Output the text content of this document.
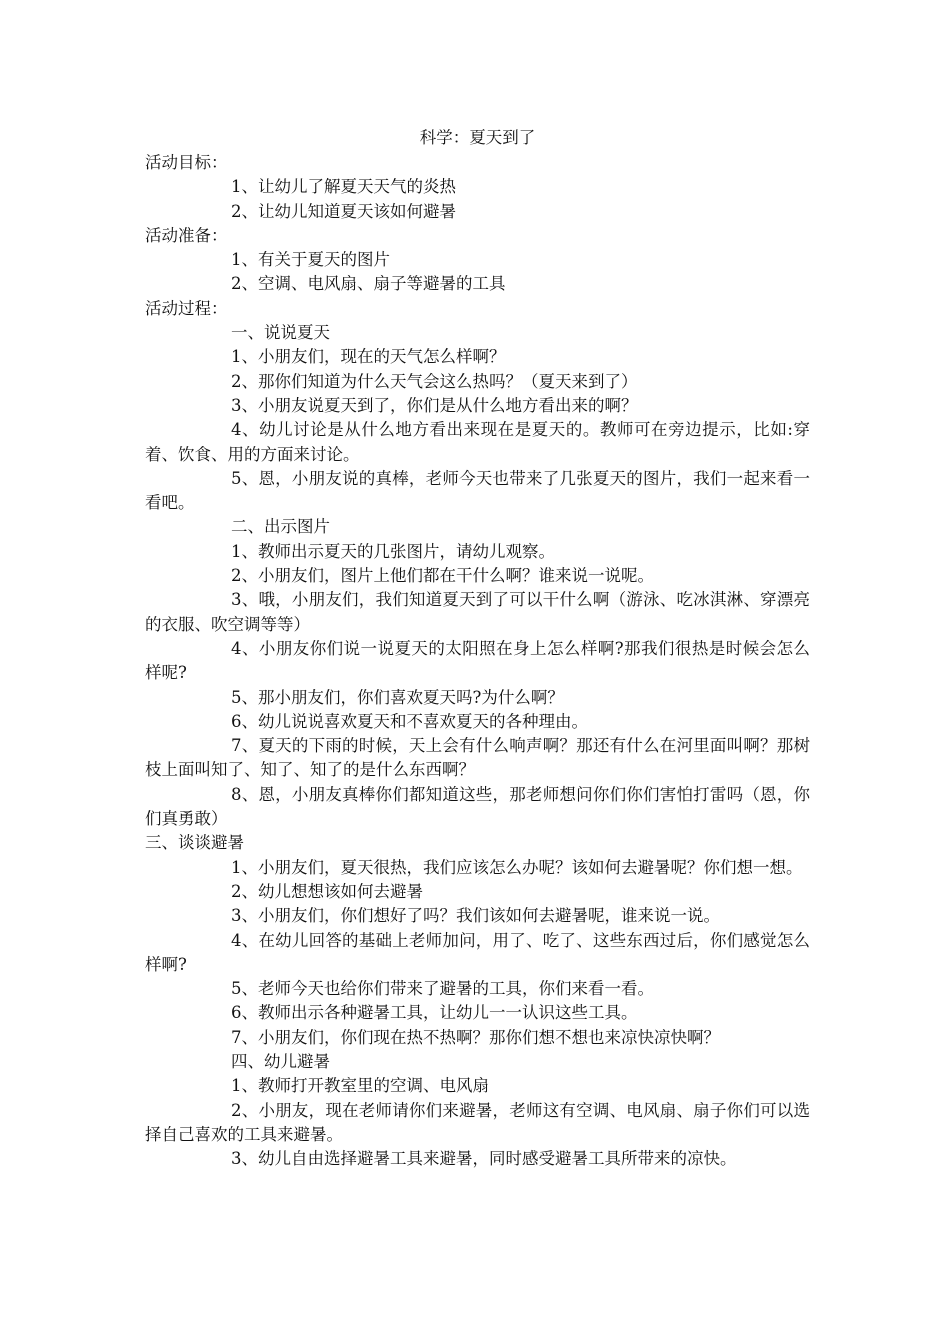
科学：夏天到了

活动目标：

1、让幼儿了解夏天天气的炎热

2、让幼儿知道夏天该如何避暑

活动准备：

1、有关于夏天的图片

2、空调、电风扇、扇子等避暑的工具

活动过程：

一、说说夏天

1、小朋友们，现在的天气怎么样啊？

2、那你们知道为什么天气会这么热吗？（夏天来到了）

3、小朋友说夏天到了，你们是从什么地方看出来的啊？

4、幼儿讨论是从什么地方看出来现在是夏天的。教师可在旁边提示，比如:穿着、饮食、用的方面来讨论。

5、恩，小朋友说的真棒，老师今天也带来了几张夏天的图片，我们一起来看一看吧。

二、出示图片

1、教师出示夏天的几张图片，请幼儿观察。

2、小朋友们，图片上他们都在干什么啊？谁来说一说呢。

3、哦，小朋友们，我们知道夏天到了可以干什么啊（游泳、吃冰淇淋、穿漂亮的衣服、吹空调等等）

4、小朋友你们说一说夏天的太阳照在身上怎么样啊?那我们很热是时候会怎么样呢?

5、那小朋友们，你们喜欢夏天吗?为什么啊？

6、幼儿说说喜欢夏天和不喜欢夏天的各种理由。

7、夏天的下雨的时候，天上会有什么响声啊？那还有什么在河里面叫啊？那树枝上面叫知了、知了、知了的是什么东西啊？

8、恩，小朋友真棒你们都知道这些，那老师想问你们你们害怕打雷吗（恩，你们真勇敢）

三、谈谈避暑

1、小朋友们，夏天很热，我们应该怎么办呢？该如何去避暑呢？你们想一想。

2、幼儿想想该如何去避暑

3、小朋友们，你们想好了吗？我们该如何去避暑呢，谁来说一说。

4、在幼儿回答的基础上老师加问，用了、吃了、这些东西过后，你们感觉怎么样啊?

5、老师今天也给你们带来了避暑的工具，你们来看一看。

6、教师出示各种避暑工具，让幼儿一一认识这些工具。

7、小朋友们，你们现在热不热啊？那你们想不想也来凉快凉快啊？

四、幼儿避暑

1、教师打开教室里的空调、电风扇

2、小朋友，现在老师请你们来避暑，老师这有空调、电风扇、扇子你们可以选择自己喜欢的工具来避暑。

3、幼儿自由选择避暑工具来避暑，同时感受避暑工具所带来的凉快。
